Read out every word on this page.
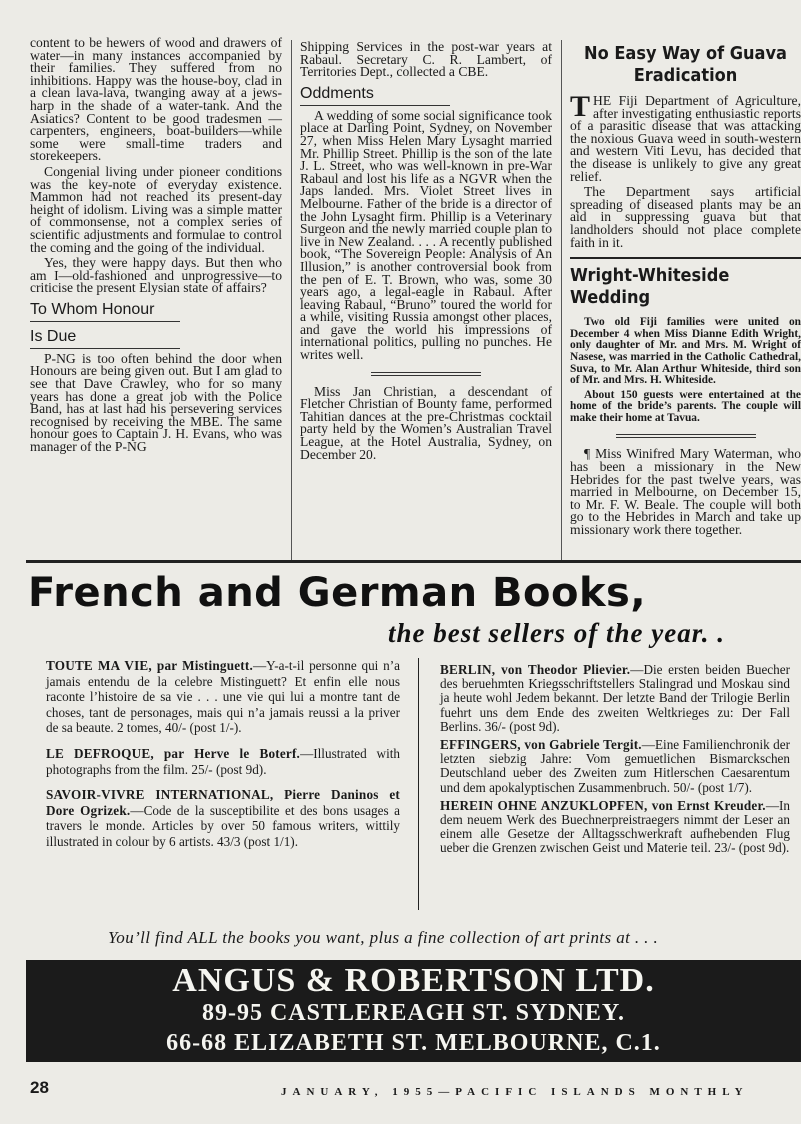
content to be hewers of wood and drawers of water—in many instances accompanied by their families. They suffered from no inhibitions. Happy was the house-boy, clad in a clean lava-lava, twanging away at a jews-harp in the shade of a water-tank. And the Asiatics? Content to be good tradesmen — carpenters, engineers, boat-builders—while some were small-time traders and storekeepers.

Congenial living under pioneer conditions was the key-note of everyday existence. Mammon had not reached its present-day height of idolism. Living was a simple matter of commonsense, not a complex series of scientific adjustments and formulae to control the coming and the going of the individual.

Yes, they were happy days. But then who am I—old-fashioned and unprogressive—to criticise the present Elysian state of affairs?

To Whom Honour
Is Due

P-NG is too often behind the door when Honours are being given out. But I am glad to see that Dave Crawley, who for so many years has done a great job with the Police Band, has at last had his persevering services recognised by receiving the MBE. The same honour goes to Captain J. H. Evans, who was manager of the P-NG

Shipping Services in the post-war years at Rabaul. Secretary C. R. Lambert, of Territories Dept., collected a CBE.

Oddments

A wedding of some social significance took place at Darling Point, Sydney, on November 27, when Miss Helen Mary Lysaght married Mr. Phillip Street. Phillip is the son of the late J. L. Street, who was well-known in pre-War Rabaul and lost his life as a NGVR when the Japs landed. Mrs. Violet Street lives in Melbourne. Father of the bride is a director of the John Lysaght firm. Phillip is a Veterinary Surgeon and the newly married couple plan to live in New Zealand. . . . A recently published book, “The Sovereign People: Analysis of An Illusion,” is another controversial book from the pen of E. T. Brown, who was, some 30 years ago, a legal-eagle in Rabaul. After leaving Rabaul, “Bruno” toured the world for a while, visiting Russia amongst other places, and gave the world his impressions of international politics, pulling no punches. He writes well.

Miss Jan Christian, a descendant of Fletcher Christian of Bounty fame, performed Tahitian dances at the pre-Christmas cocktail party held by the Women’s Australian Travel League, at the Hotel Australia, Sydney, on December 20.

No Easy Way of Guava Eradication

THE Fiji Department of Agriculture, after investigating enthusiastic reports of a parasitic disease that was attacking the noxious Guava weed in south-western and western Viti Levu, has decided that the disease is unlikely to give any great relief.

The Department says artificial spreading of diseased plants may be an aid in suppressing guava but that landholders should not place complete faith in it.

Wright-Whiteside Wedding

Two old Fiji families were united on December 4 when Miss Dianne Edith Wright, only daughter of Mr. and Mrs. M. Wright of Nasese, was married in the Catholic Cathedral, Suva, to Mr. Alan Arthur Whiteside, third son of Mr. and Mrs. H. Whiteside.

About 150 guests were entertained at the home of the bride’s parents. The couple will make their home at Tavua.

¶ Miss Winifred Mary Waterman, who has been a missionary in the New Hebrides for the past twelve years, was married in Melbourne, on December 15, to Mr. F. W. Beale. The couple will both go to the Hebrides in March and take up missionary work there together.

French and German Books,
the best sellers of the year. .

TOUTE MA VIE, par Mistinguett.—Y-a-t-il personne qui n’a jamais entendu de la celebre Mistinguett? Et enfin elle nous raconte l’histoire de sa vie . . . une vie qui lui a montre tant de choses, tant de personages, mais qui n’a jamais reussi a la priver de sa beaute. 2 tomes, 40/- (post 1/-).

LE DEFROQUE, par Herve le Boterf.—Illustrated with photographs from the film. 25/- (post 9d).

SAVOIR-VIVRE INTERNATIONAL, Pierre Daninos et Dore Ogrizek.—Code de la susceptibilite et des bons usages a travers le monde. Articles by over 50 famous writers, wittily illustrated in colour by 6 artists. 43/3 (post 1/1).

BERLIN, von Theodor Plievier.—Die ersten beiden Buecher des beruehmten Kriegsschriftstellers Stalingrad und Moskau sind ja heute wohl Jedem bekannt. Der letzte Band der Trilogie Berlin fuehrt uns dem Ende des zweiten Weltkrieges zu: Der Fall Berlins. 36/- (post 9d).

EFFINGERS, von Gabriele Tergit.—Eine Familienchronik der letzten siebzig Jahre: Vom gemuetlichen Bismarckschen Deutschland ueber des Zweiten zum Hitlerschen Caesarentum und dem apokalyptischen Zusammenbruch. 50/- (post 1/7).

HEREIN OHNE ANZUKLOPFEN, von Ernst Kreuder.—In dem neuem Werk des Buechnerpreistraegers nimmt der Leser an einem alle Gesetze der Alltagsschwerkraft aufhebenden Flug ueber die Grenzen zwischen Geist und Materie teil. 23/- (post 9d).

You’ll find ALL the books you want, plus a fine collection of art prints at . . .
ANGUS & ROBERTSON LTD.
89-95 CASTLEREAGH ST. SYDNEY.
66-68 ELIZABETH ST. MELBOURNE, C.1.
28	JANUARY, 1955—PACIFIC ISLANDS MONTHLY
